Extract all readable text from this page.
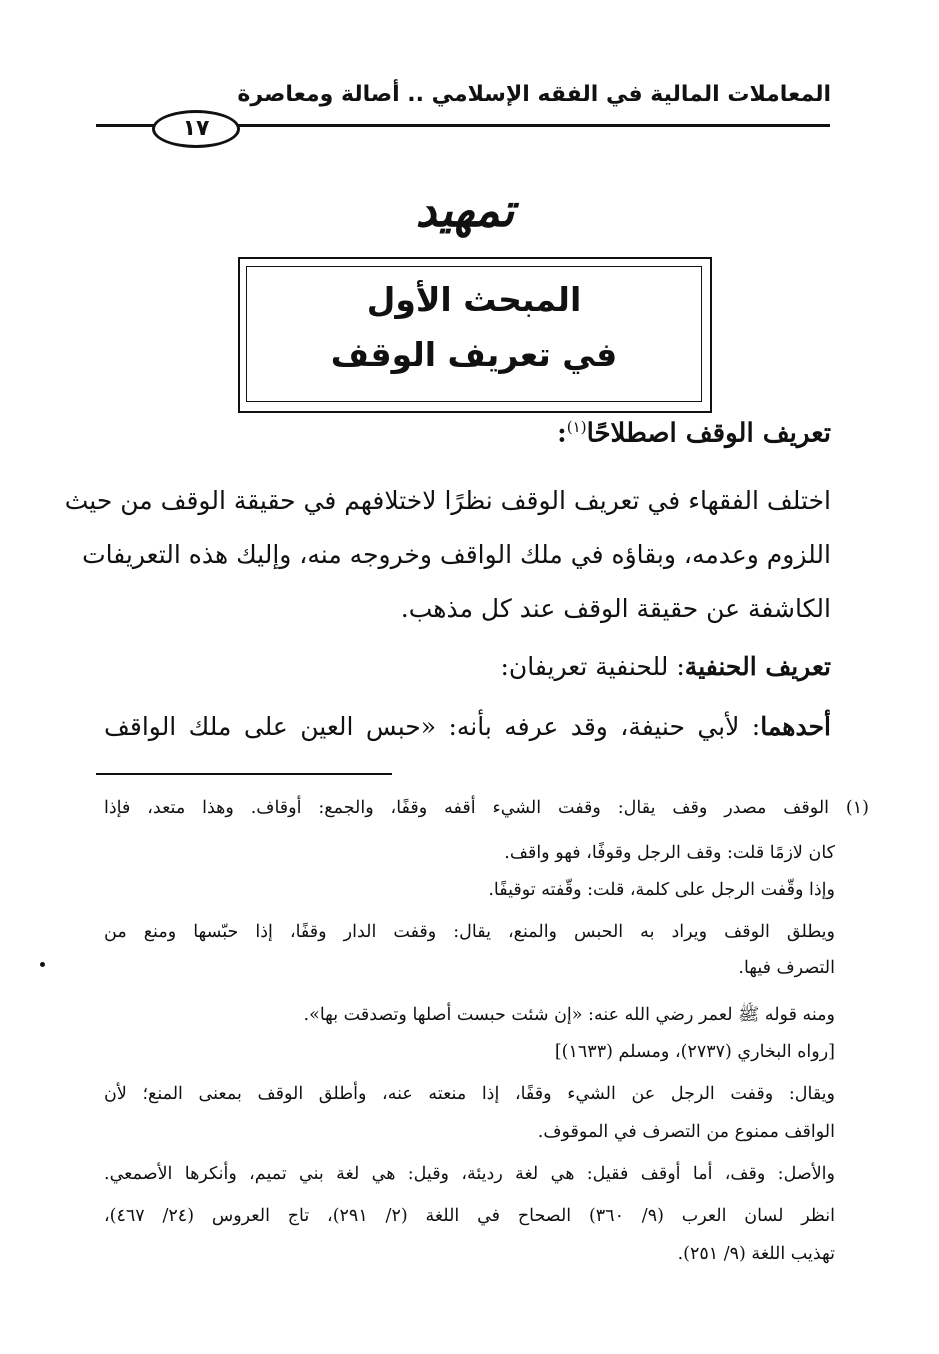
المعاملات المالية في الفقه الإسلامي .. أصالة ومعاصرة
١٧
تمهيد
المبحث الأول
في تعريف الوقف
تعريف الوقف اصطلاحًا$^{(١)}$:
اختلف الفقهاء في تعريف الوقف نظرًا لاختلافهم في حقيقة الوقف من حيث
اللزوم وعدمه، وبقاؤه في ملك الواقف وخروجه منه، وإليك هذه التعريفات
الكاشفة عن حقيقة الوقف عند كل مذهب.
تعريف الحنفية: للحنفية تعريفان:
أحدهما: لأبي حنيفة، وقد عرفه بأنه: «حبس العين على ملك الواقف
(١) الوقف مصدر وقف يقال: وقفت الشيء أقفه وقفًا، والجمع: أوقاف. وهذا متعد، فإذا
كان لازمًا قلت: وقف الرجل وقوفًا، فهو واقف.
وإذا وقّفت الرجل على كلمة، قلت: وقّفته توقيفًا.
ويطلق الوقف ويراد به الحبس والمنع، يقال: وقفت الدار وقفًا، إذا حبّسها ومنع من
التصرف فيها.
ومنه قوله ﷺ لعمر رضي الله عنه: «إن شئت حبست أصلها وتصدقت بها».
[رواه البخاري (٢٧٣٧)، ومسلم (١٦٣٣)]
ويقال: وقفت الرجل عن الشيء وقفًا، إذا منعته عنه، وأطلق الوقف بمعنى المنع؛ لأن
الواقف ممنوع من التصرف في الموقوف.
والأصل: وقف، أما أوقف فقيل: هي لغة رديئة، وقيل: هي لغة بني تميم، وأنكرها الأصمعي.
انظر لسان العرب (٩/ ٣٦٠) الصحاح في اللغة (٢/ ٢٩١)، تاج العروس (٢٤/ ٤٦٧)،
تهذيب اللغة (٩/ ٢٥١).
